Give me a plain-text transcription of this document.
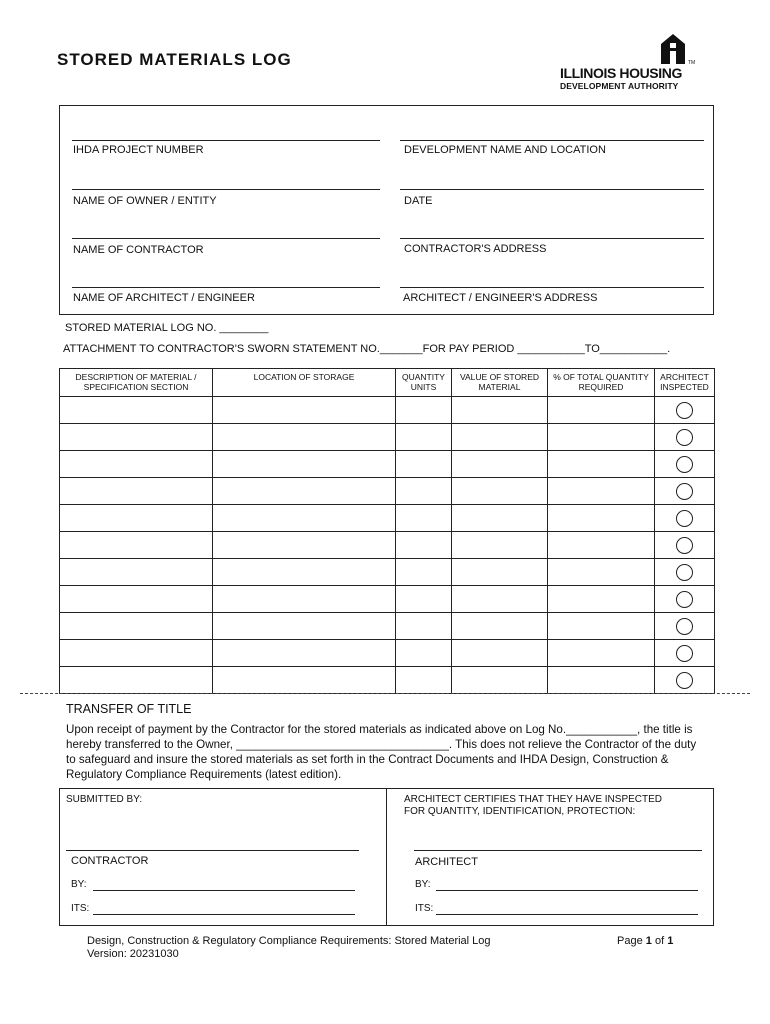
STORED MATERIALS LOG	TM
ILLINOIS HOUSING
DEVELOPMENT AUTHORITY
IHDA PROJECT NUMBER	DEVELOPMENT NAME AND LOCATION
NAME OF OWNER / ENTITY	DATE
NAME OF CONTRACTOR	CONTRACTOR'S ADDRESS
NAME OF ARCHITECT / ENGINEER	ARCHITECT / ENGINEER'S ADDRESS
STORED MATERIAL LOG NO. ________
ATTACHMENT TO CONTRACTOR'S SWORN STATEMENT NO._______FOR PAY PERIOD ___________TO___________.
DESCRIPTION OF MATERIAL / SPECIFICATION SECTION	LOCATION OF STORAGE	QUANTITY UNITS	VALUE OF STORED MATERIAL	% OF TOTAL QUANTITY REQUIRED	ARCHITECT INSPECTED

TRANSFER OF TITLE
Upon receipt of payment by the Contractor for the stored materials as indicated above on Log No.___________, the title is hereby transferred to the Owner, _________________________________. This does not relieve the Contractor of the duty to safeguard and insure the stored materials as set forth in the Contract Documents and IHDA Design, Construction & Regulatory Compliance Requirements (latest edition).
SUBMITTED BY:	ARCHITECT CERTIFIES THAT THEY HAVE INSPECTED FOR QUANTITY, IDENTIFICATION, PROTECTION:
CONTRACTOR	ARCHITECT
BY:	BY:
ITS:	ITS:
Design, Construction & Regulatory Compliance Requirements: Stored Material Log
Version: 20231030
Page 1 of 1
